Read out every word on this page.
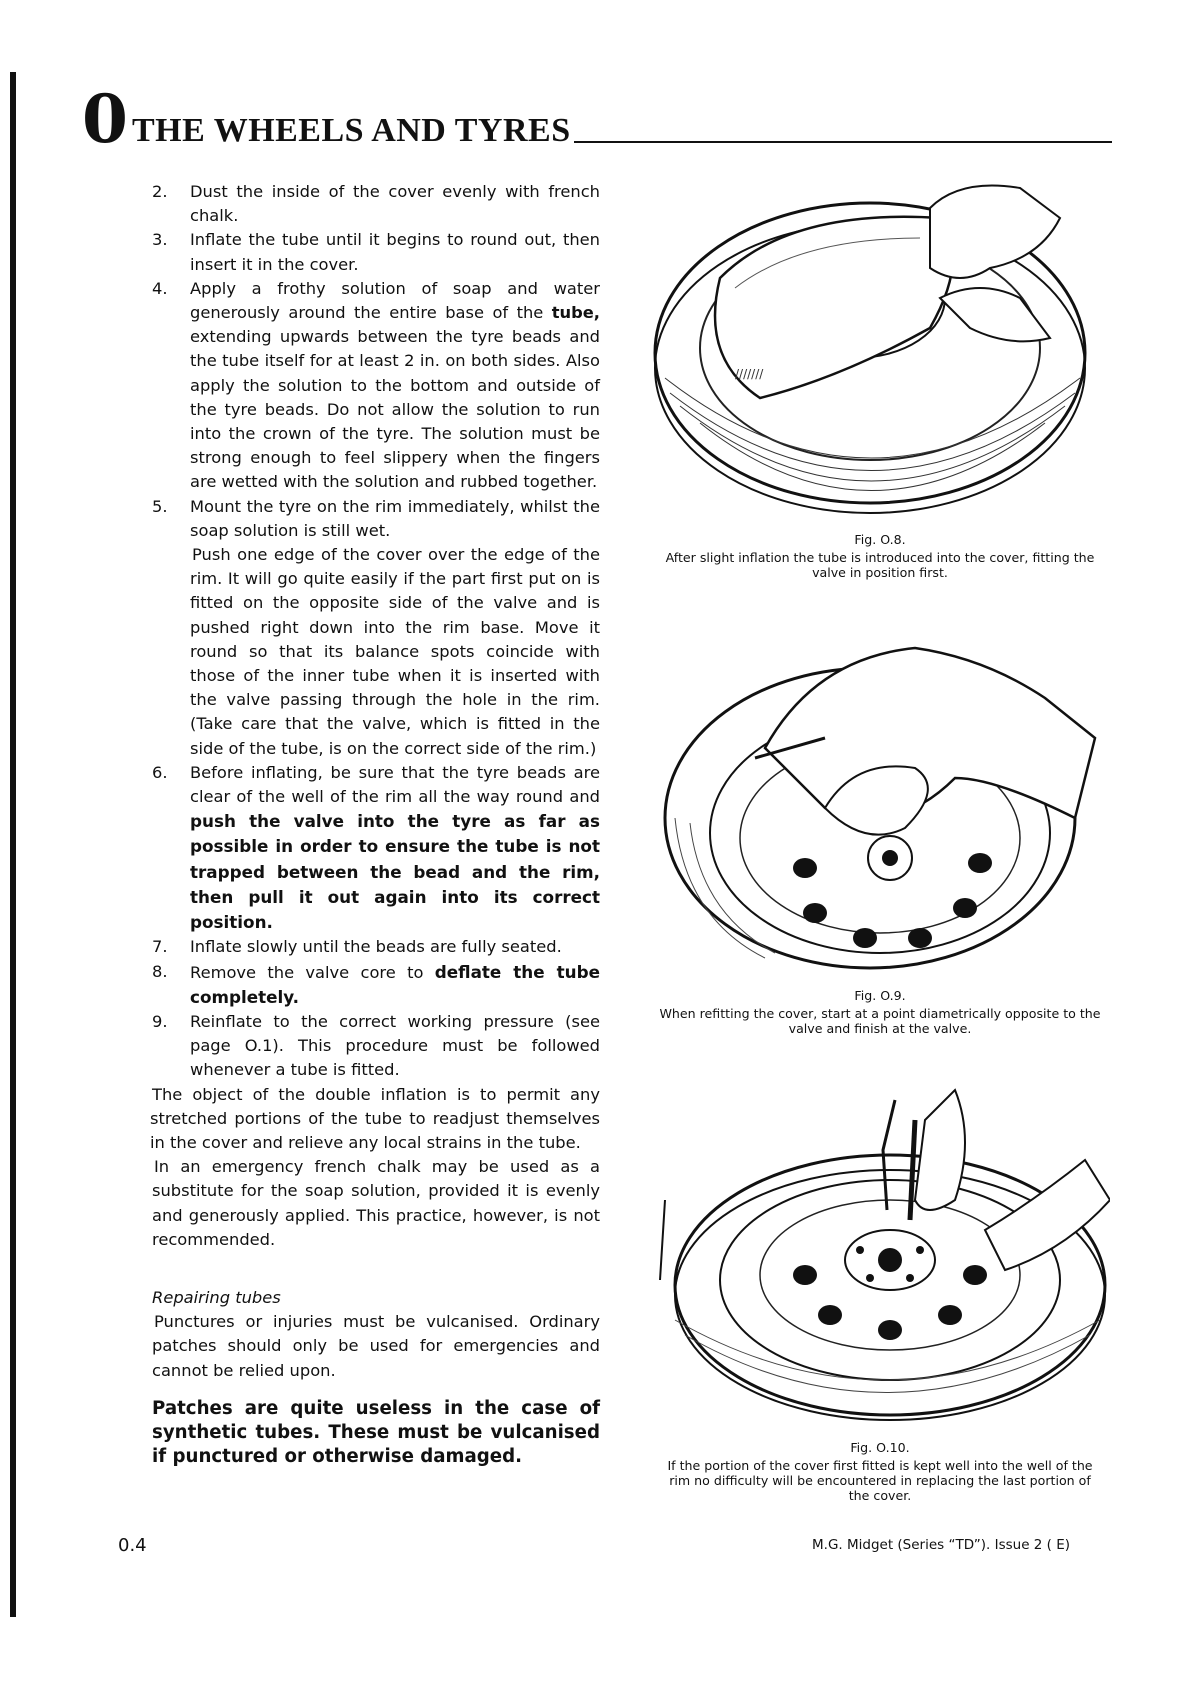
0 THE WHEELS AND TYRES

2. Dust the inside of the cover evenly with french chalk.

3. Inflate the tube until it begins to round out, then insert it in the cover.

4. Apply a frothy solution of soap and water generously around the entire base of the tube, extending upwards between the tyre beads and the tube itself for at least 2 in. on both sides. Also apply the solution to the bottom and outside of the tyre beads. Do not allow the solution to run into the crown of the tyre. The solution must be strong enough to feel slippery when the fingers are wetted with the solution and rubbed together.

5. Mount the tyre on the rim immediately, whilst the soap solution is still wet.
Push one edge of the cover over the edge of the rim. It will go quite easily if the part first put on is fitted on the opposite side of the valve and is pushed right down into the rim base. Move it round so that its balance spots coincide with those of the inner tube when it is inserted with the valve passing through the hole in the rim. (Take care that the valve, which is fitted in the side of the tube, is on the correct side of the rim.)

6. Before inflating, be sure that the tyre beads are clear of the well of the rim all the way round and push the valve into the tyre as far as possible in order to ensure the tube is not trapped between the bead and the rim, then pull it out again into its correct position.

7. Inflate slowly until the beads are fully seated.

8. Remove the valve core to deflate the tube completely.

9. Reinflate to the correct working pressure (see page O.1). This procedure must be followed whenever a tube is fitted.

The object of the double inflation is to permit any stretched portions of the tube to readjust themselves in the cover and relieve any local strains in the tube.

In an emergency french chalk may be used as a substitute for the soap solution, provided it is evenly and generously applied. This practice, however, is not recommended.

Repairing tubes

Punctures or injuries must be vulcanised. Ordinary patches should only be used for emergencies and cannot be relied upon.

Patches are quite useless in the case of synthetic tubes. These must be vulcanised if punctured or otherwise damaged.

///////
Fig. O.8.
After slight inflation the tube is introduced into the cover, fitting the valve in position first.
Fig. O.9.
When refitting the cover, start at a point diametrically opposite to the valve and finish at the valve.
Fig. O.10.
If the portion of the cover first fitted is kept well into the well of the rim no difficulty will be encountered in replacing the last portion of the cover.
0.4	M.G. Midget (Series “TD”). Issue 2 ( E)
